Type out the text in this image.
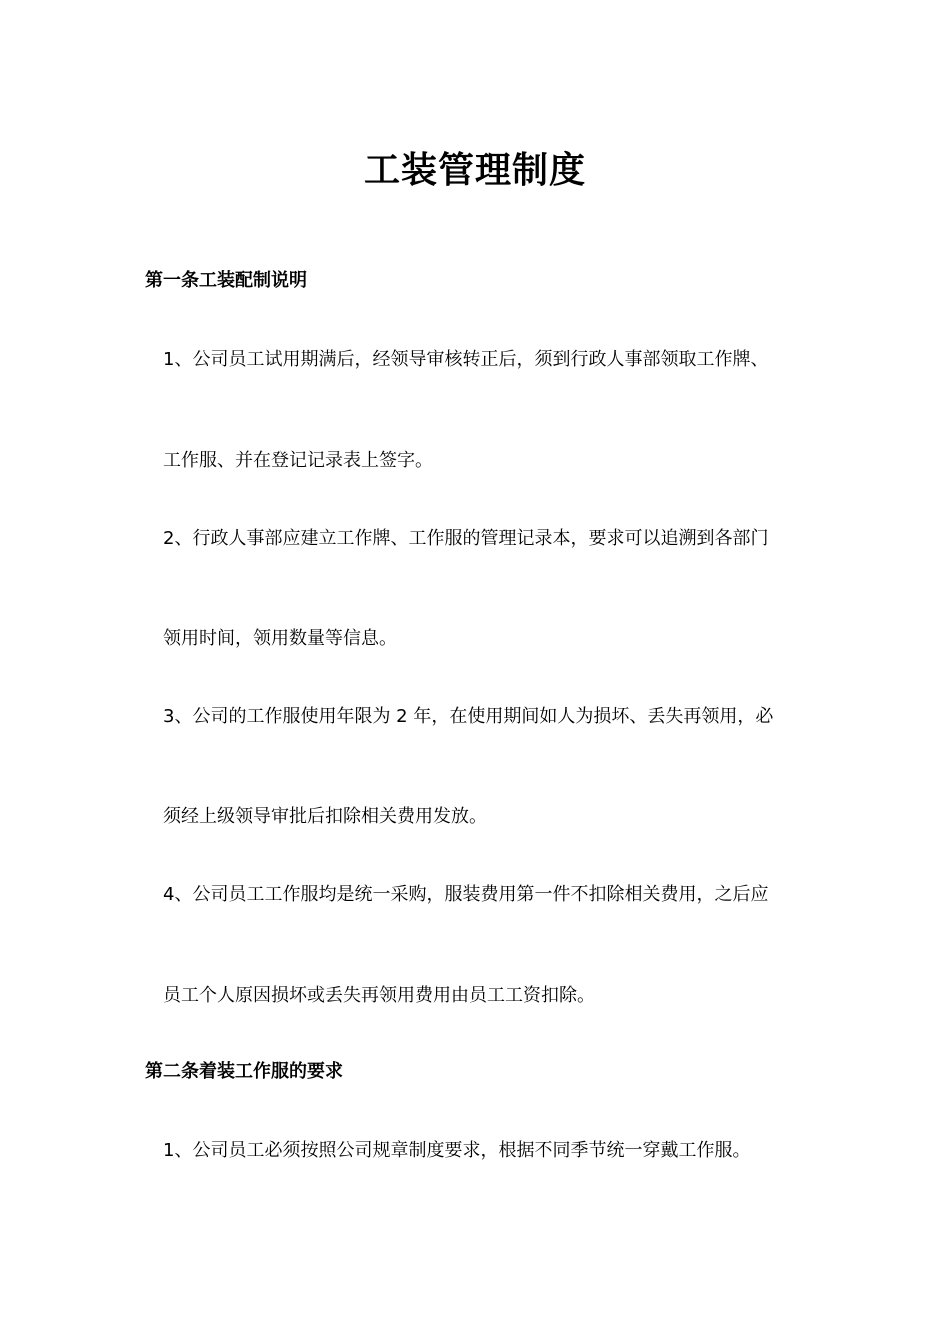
工装管理制度
第一条工装配制说明
1、公司员工试用期满后，经领导审核转正后，须到行政人事部领取工作牌、
工作服、并在登记记录表上签字。
2、行政人事部应建立工作牌、工作服的管理记录本，要求可以追溯到各部门
领用时间，领用数量等信息。
3、公司的工作服使用年限为 2 年，在使用期间如人为损坏、丢失再领用，必
须经上级领导审批后扣除相关费用发放。
4、公司员工工作服均是统一采购，服装费用第一件不扣除相关费用，之后应
员工个人原因损坏或丢失再领用费用由员工工资扣除。
第二条着装工作服的要求
1、公司员工必须按照公司规章制度要求，根据不同季节统一穿戴工作服。
